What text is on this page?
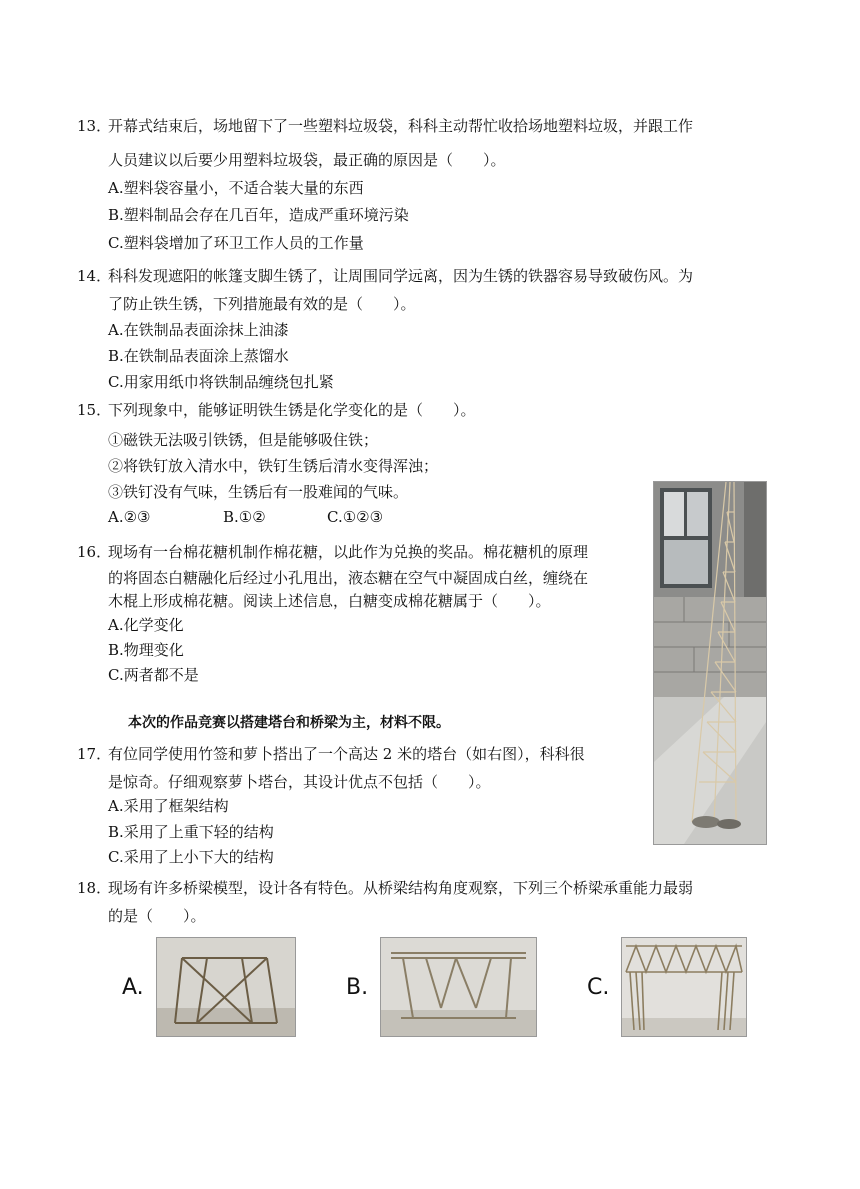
13．
开幕式结束后，场地留下了一些塑料垃圾袋，科科主动帮忙收拾场地塑料垃圾，并跟工作
人员建议以后要少用塑料垃圾袋，最正确的原因是（　　）。
A.塑料袋容量小，不适合装大量的东西
B.塑料制品会存在几百年，造成严重环境污染
C.塑料袋增加了环卫工作人员的工作量
14．
科科发现遮阳的帐篷支脚生锈了，让周围同学远离，因为生锈的铁器容易导致破伤风。为
了防止铁生锈，下列措施最有效的是（　　）。
A.在铁制品表面涂抹上油漆
B.在铁制品表面涂上蒸馏水
C.用家用纸巾将铁制品缠绕包扎紧
15．
下列现象中，能够证明铁生锈是化学变化的是（　　）。
①磁铁无法吸引铁锈，但是能够吸住铁；
②将铁钉放入清水中，铁钉生锈后清水变得浑浊；
③铁钉没有气味，生锈后有一股难闻的气味。
A.②③	B.①②	C.①②③
16．
现场有一台棉花糖机制作棉花糖，以此作为兑换的奖品。棉花糖机的原理
的将固态白糖融化后经过小孔甩出，液态糖在空气中凝固成白丝，缠绕在
木棍上形成棉花糖。阅读上述信息，白糖变成棉花糖属于（　　）。
A.化学变化
B.物理变化
C.两者都不是
本次的作品竞赛以搭建塔台和桥梁为主，材料不限。
17．
有位同学使用竹签和萝卜搭出了一个高达 2 米的塔台（如右图），科科很
是惊奇。仔细观察萝卜塔台，其设计优点不包括（　　）。
A.采用了框架结构
B.采用了上重下轻的结构
C.采用了上小下大的结构
18．
现场有许多桥梁模型，设计各有特色。从桥梁结构角度观察，下列三个桥梁承重能力最弱
的是（　　）。
A.	B.	C.
